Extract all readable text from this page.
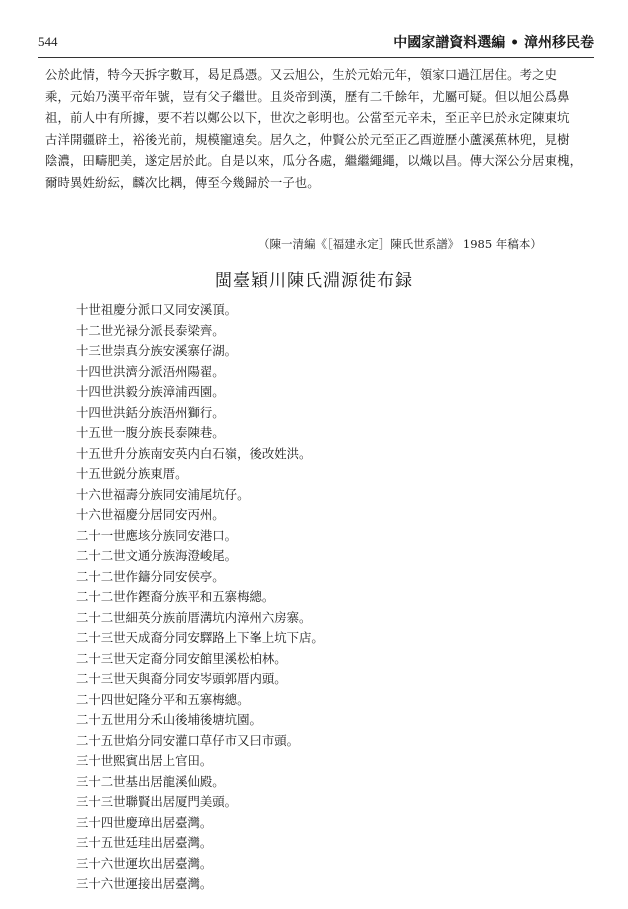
544	中國家譜資料選編 • 漳州移民卷
公於此情，特今天拆字數耳，曷足爲憑。又云旭公，生於元始元年，領家口過江居住。考之史
乘，元始乃漢平帝年號，豈有父子繼世。且炎帝到漢，歷有二千餘年，尤屬可疑。但以旭公爲鼻
祖，前人中有所據，要不若以鄭公以下，世次之彰明也。公當至元辛未，至正辛巳於永定陳東坑
古洋開疆辟土，裕後光前，規模寵遠矣。居久之，仲賢公於元至正乙酉遊歷小蘆溪蕉林兜，見樹
陰濃，田疇肥美，遂定居於此。自是以來，瓜分各處，繼繼繩繩，以熾以昌。傳大深公分居東槐，
爾時異姓紛紜，麟次比耦，傳至今幾歸於一子也。
（陳一清編《［福建永定］陳氏世系譜》 1985 年稿本）
閩臺穎川陳氏淵源徙布録
十世祖慶分派口又同安溪頂。
十二世光禄分派長泰梁齊。
十三世崇真分族安溪寨仔湖。
十四世洪濟分派浯州陽翟。
十四世洪毅分族漳浦西園。
十四世洪銛分族浯州獅行。
十五世一腹分族長泰陳巷。
十五世升分族南安英内白石嶺，後改姓洪。
十五世鋭分族東厝。
十六世福壽分族同安浦尾坑仔。
十六世福慶分居同安丙州。
二十一世應垓分族同安港口。
二十二世文通分族海澄峻尾。
二十二世作鑄分同安侯亭。
二十二世作鏗裔分族平和五寨梅總。
二十二世細英分族前厝溝坑内漳州六房寨。
二十三世天成裔分同安驛路上下峯上坑下店。
二十三世天定裔分同安館里溪松柏林。
二十三世天與裔分同安岑頭郭厝内頭。
二十四世妃隆分平和五寨梅總。
二十五世用分禾山後埔後塘坑園。
二十五世焰分同安灌口草仔市又曰市頭。
三十世熙賓出居上官田。
三十二世基出居龍溪仙殿。
三十三世聯賢出居厦門美頭。
三十四世慶璋出居臺灣。
三十五世廷珪出居臺灣。
三十六世運坎出居臺灣。
三十六世運接出居臺灣。
